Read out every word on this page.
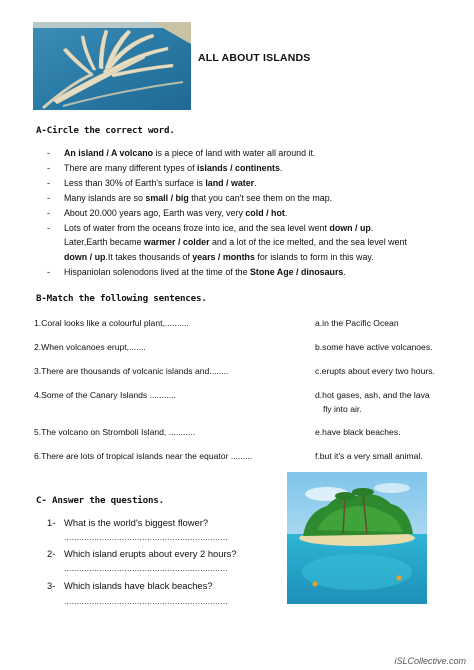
ALL ABOUT ISLANDS
A-Circle the correct word.
- An island / A volcano is a piece of land with water all around it.
- There are many different types of islands / continents.
- Less than 30% of Earth's surface is land / water.
- Many islands are so small / big that you can't see them on the map.
- About 20.000 years ago, Earth was very, very cold / hot.
- Lots of water from the oceans froze into ice, and the sea level went down / up.
Later,Earth became warmer / colder and a lot of the ice melted, and the sea level went
down / up.It takes thousands of years / months for islands to form in this way.
- Hispaniolan solenodons lived at the time of the Stone Age / dinosaurs.
B-Match the following sentences.
1.Coral looks like a colourful plant,..........
2.When volcanoes erupt,.......
3.There are thousands of volcanic islands and........
4.Some of the Canary Islands ...........
5.The volcano on Stromboli Island, ...........
6.There are lots of tropical islands near the equator .........
a.in the Pacific Ocean
b.some have active volcanoes.
c.erupts about every two hours.
d.hot gases, ash, and the lava
fly into air.
e.have black beaches.
f.but it's a very small animal.
C- Answer the questions.
1- What is the world's biggest flower?
.................................................................
2- Which island erupts about every 2 hours?
.................................................................
3- Which islands have black beaches?
.................................................................
iSLCollective.com
